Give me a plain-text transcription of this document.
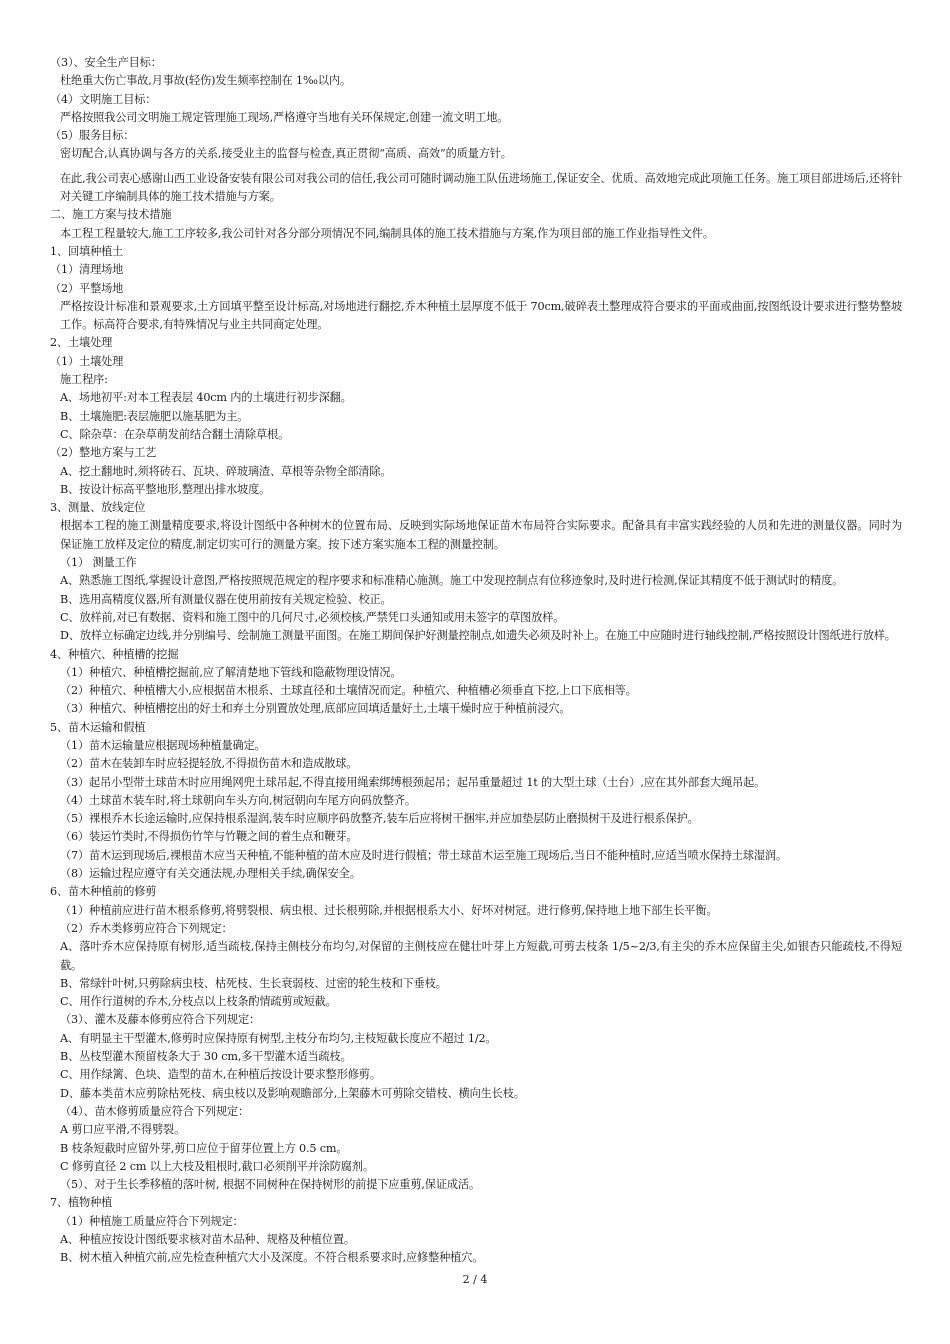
（3）、安全生产目标：
杜绝重大伤亡事故,月事故(轻伤)发生频率控制在 1‰以内。
（4）文明施工目标：
严格按照我公司文明施工规定管理施工现场,严格遵守当地有关环保规定,创建一流文明工地。
（5）服务目标：
密切配合,认真协调与各方的关系,接受业主的监督与检查,真正贯彻“高质、高效”的质量方针。
在此,我公司衷心感谢山西工业设备安装有限公司对我公司的信任,我公司可随时调动施工队伍进场施工,保证安全、优质、高效地完成此项施工任务。施工项目部进场后,还将针对关键工序编制具体的施工技术措施与方案。
二、施工方案与技术措施
本工程工程量较大,施工工序较多,我公司针对各分部分项情况不同,编制具体的施工技术措施与方案,作为项目部的施工作业指导性文件。
1、回填种植土
（1）清理场地
（2）平整场地
严格按设计标准和景观要求,土方回填平整至设计标高,对场地进行翻挖,乔木种植土层厚度不低于 70cm,破碎表土整理成符合要求的平面或曲面,按图纸设计要求进行整势整坡工作。标高符合要求,有特殊情况与业主共同商定处理。
2、土壤处理
（1）土壤处理
施工程序:
A、场地初平:对本工程表层 40cm 内的土壤进行初步深翻。
B、土壤施肥:表层施肥以施基肥为主。
C、除杂草：在杂草萌发前结合翻土清除草根。
（2）整地方案与工艺
A、挖土翻地时,须将砖石、瓦块、碎玻璃渣、草根等杂物全部清除。
B、按设计标高平整地形,整理出排水坡度。
3、测量、放线定位
根据本工程的施工测量精度要求,将设计图纸中各种树木的位置布局、反映到实际场地保证苗木布局符合实际要求。配备具有丰富实践经验的人员和先进的测量仪器。同时为保证施工放样及定位的精度,制定切实可行的测量方案。按下述方案实施本工程的测量控制。
（1） 测量工作
A、熟悉施工图纸,掌握设计意图,严格按照规范规定的程序要求和标准精心施测。施工中发现控制点有位移迹象时,及时进行检测,保证其精度不低于测试时的精度。
B、选用高精度仪器,所有测量仪器在使用前按有关规定检验、校正。
C、放样前,对已有数据、资料和施工图中的几何尺寸,必须校核,严禁凭口头通知或用未签字的草图放样。
D、放样立标确定边线,并分别编号、绘制施工测量平面图。在施工期间保护好测量控制点,如遗失必须及时补上。在施工中应随时进行轴线控制,严格按照设计图纸进行放样。
4、种植穴、种植槽的挖掘
（1）种植穴、种植槽挖掘前,应了解清楚地下管线和隐蔽物理设情况。
（2）种植穴、种植槽大小,应根据苗木根系、土球直径和土壤情况而定。种植穴、种植槽必须垂直下挖,上口下底相等。
（3）种植穴、种植槽挖出的好土和弃土分别置放处理,底部应回填适量好土,土壤干燥时应于种植前浸穴。
5、苗木运输和假植
（1）苗木运输量应根据现场种植量确定。
（2）苗木在装卸车时应轻提轻放,不得损伤苗木和造成散球。
（3）起吊小型带土球苗木时应用绳网兜土球吊起,不得直接用绳索绑缚根颈起吊；起吊重量超过 1t 的大型土球（土台）,应在其外部套大绳吊起。
（4）土球苗木装车时,将土球朝向车头方向,树冠朝向车尾方向码放整齐。
（5）裸根乔木长途运输时,应保持根系湿润,装车时应顺序码放整齐,装车后应将树干捆牢,并应加垫层防止磨损树干及进行根系保护。
（6）装运竹类时,不得损伤竹竿与竹鞭之间的着生点和鞭芽。
（7）苗木运到现场后,裸根苗木应当天种植,不能种植的苗木应及时进行假植；带土球苗木运至施工现场后,当日不能种植时,应适当喷水保持土球湿润。
（8）运输过程应遵守有关交通法规,办理相关手续,确保安全。
6、苗木种植前的修剪
（1）种植前应进行苗木根系修剪,将劈裂根、病虫根、过长根剪除,并根据根系大小、好坏对树冠。进行修剪,保持地上地下部生长平衡。
（2）乔木类修剪应符合下列规定：
A、落叶乔木应保持原有树形,适当疏枝,保持主侧枝分布均匀,对保留的主侧枝应在健壮叶芽上方短截,可剪去枝条 1/5~2/3,有主尖的乔木应保留主尖,如银杏只能疏枝,不得短截。
B、常绿针叶树,只剪除病虫枝、枯死枝、生长衰弱枝、过密的轮生枝和下垂枝。
C、用作行道树的乔木,分枝点以上枝条酌情疏剪或短截。
（3）、灌木及藤本修剪应符合下列规定：
A、有明显主干型灌木,修剪时应保持原有树型,主枝分布均匀,主枝短截长度应不超过 1/2。
B、丛枝型灌木预留枝条大于 30 cm,多干型灌木适当疏枝。
C、用作绿篱、色块、造型的苗木,在种植后按设计要求整形修剪。
D、藤本类苗木应剪除枯死枝、病虫枝以及影响观瞻部分,上架藤木可剪除交错枝、横向生长枝。
（4）、苗木修剪质量应符合下列规定：
A 剪口应平滑,不得劈裂。
B 枝条短截时应留外芽,剪口应位于留芽位置上方 0.5 cm。
C 修剪直径 2 cm 以上大枝及粗根时,截口必须削平并涂防腐剂。
（5）、对于生长季移植的落叶树, 根据不同树种在保持树形的前提下应重剪,保证成活。
7、植物种植
（1）种植施工质量应符合下列规定：
A、种植应按设计图纸要求核对苗木品种、规格及种植位置。
B、树木植入种植穴前,应先检查种植穴大小及深度。不符合根系要求时,应修整种植穴。
2 / 4
